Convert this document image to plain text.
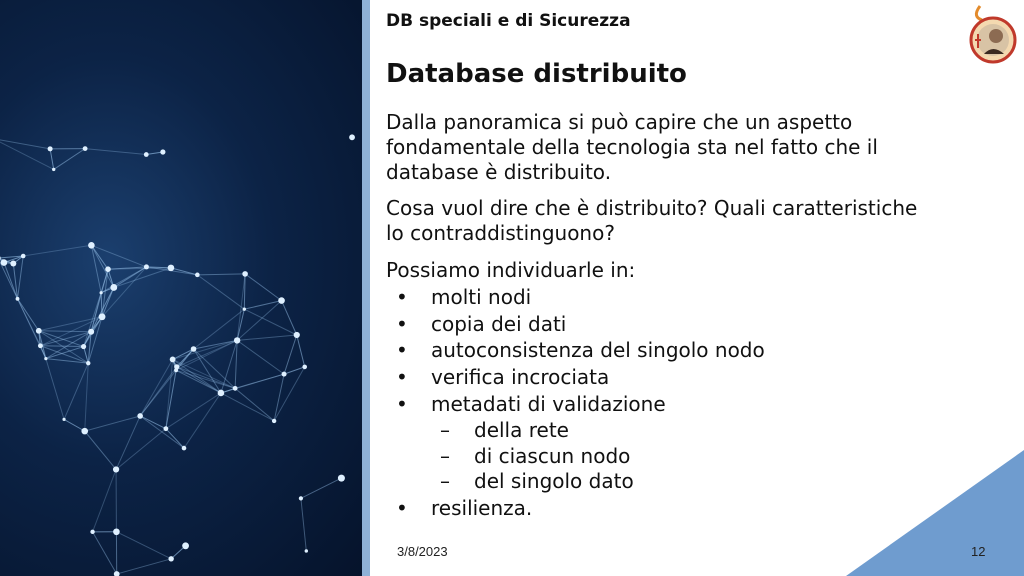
DB speciali e di Sicurezza
Database distribuito
Dalla panoramica si può capire che un aspetto
fondamentale della tecnologia sta nel fatto che il
database è distribuito.
Cosa vuol dire che è distribuito? Quali caratteristiche
lo contraddistinguono?
Possiamo individuarle in:
• molti nodi
• copia dei dati
• autoconsistenza del singolo nodo
• verifica incrociata
• metadati di validazione
– della rete
– di ciascun nodo
– del singolo dato
• resilienza.
3/8/2023	12
